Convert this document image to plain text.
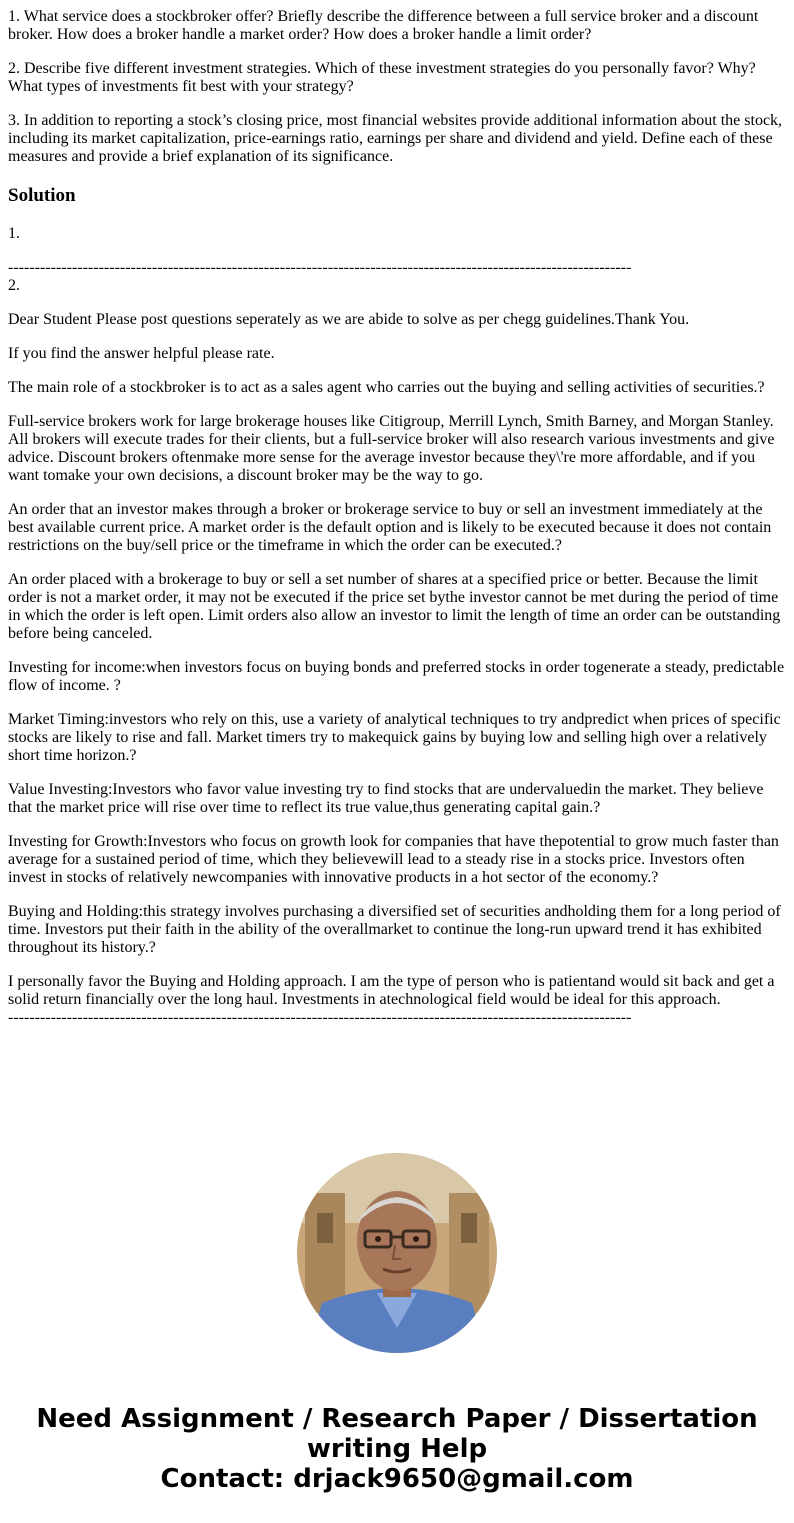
1. What service does a stockbroker offer? Briefly describe the difference between a full service broker and a discount broker. How does a broker handle a market order? How does a broker handle a limit order?

2. Describe five different investment strategies. Which of these investment strategies do you personally favor? Why? What types of investments fit best with your strategy?

3. In addition to reporting a stock’s closing price, most financial websites provide additional information about the stock, including its market capitalization, price-earnings ratio, earnings per share and dividend and yield. Define each of these measures and provide a brief explanation of its significance.

Solution

1.

---------------------------------------------------------------------------------------------------------------------
2.

Dear Student Please post questions seperately as we are abide to solve as per chegg guidelines.Thank You.

If you find the answer helpful please rate.

The main role of a stockbroker is to act as a sales agent who carries out the buying and selling activities of securities.?

Full-service brokers work for large brokerage houses like Citigroup, Merrill Lynch, Smith Barney, and Morgan Stanley. All brokers will execute trades for their clients, but a full-service broker will also research various investments and give advice. Discount brokers oftenmake more sense for the average investor because they\'re more affordable, and if you want tomake your own decisions, a discount broker may be the way to go.

An order that an investor makes through a broker or brokerage service to buy or sell an investment immediately at the best available current price. A market order is the default option and is likely to be executed because it does not contain restrictions on the buy/sell price or the timeframe in which the order can be executed.?

An order placed with a brokerage to buy or sell a set number of shares at a specified price or better. Because the limit order is not a market order, it may not be executed if the price set bythe investor cannot be met during the period of time in which the order is left open. Limit orders also allow an investor to limit the length of time an order can be outstanding before being canceled.

Investing for income:when investors focus on buying bonds and preferred stocks in order togenerate a steady, predictable flow of income. ?

Market Timing:investors who rely on this, use a variety of analytical techniques to try andpredict when prices of specific stocks are likely to rise and fall. Market timers try to makequick gains by buying low and selling high over a relatively short time horizon.?

Value Investing:Investors who favor value investing try to find stocks that are undervaluedin the market. They believe that the market price will rise over time to reflect its true value,thus generating capital gain.?

Investing for Growth:Investors who focus on growth look for companies that have thepotential to grow much faster than average for a sustained period of time, which they believewill lead to a steady rise in a stocks price. Investors often invest in stocks of relatively newcompanies with innovative products in a hot sector of the economy.?

Buying and Holding:this strategy involves purchasing a diversified set of securities andholding them for a long period of time. Investors put their faith in the ability of the overallmarket to continue the long-run upward trend it has exhibited throughout its history.?

I personally favor the Buying and Holding approach. I am the type of person who is patientand would sit back and get a solid return financially over the long haul. Investments in atechnological field would be ideal for this approach.

---------------------------------------------------------------------------------------------------------------------
Need Assignment / Research Paper / Dissertation
writing Help
Contact: drjack9650@gmail.com
